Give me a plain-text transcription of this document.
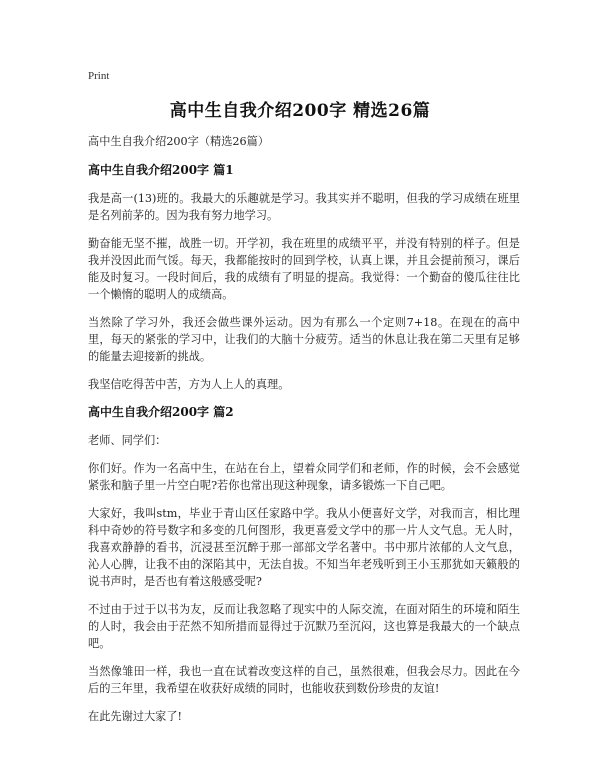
Print
高中生自我介绍200字 精选26篇

高中生自我介绍200字（精选26篇）

高中生自我介绍200字 篇1

我是高一(13)班的。我最大的乐趣就是学习。我其实并不聪明，但我的学习成绩在班里是名列前茅的。因为我有努力地学习。

勤奋能无坚不摧，战胜一切。开学初，我在班里的成绩平平，并没有特别的样子。但是我并没因此而气馁。每天，我都能按时的回到学校，认真上课，并且会提前预习，课后能及时复习。一段时间后，我的成绩有了明显的提高。我觉得：一个勤奋的傻瓜往往比一个懒惰的聪明人的成绩高。

当然除了学习外，我还会做些课外运动。因为有那么一个定则7+18。在现在的高中里，每天的紧张的学习中，让我们的大脑十分疲劳。适当的休息让我在第二天里有足够的能量去迎接新的挑战。

我坚信吃得苦中苦，方为人上人的真理。

高中生自我介绍200字 篇2

老师、同学们：

你们好。作为一名高中生，在站在台上，望着众同学们和老师，作的时候，会不会感觉紧张和脑子里一片空白呢?若你也常出现这种现象，请多锻炼一下自己吧。

大家好，我叫stm，毕业于青山区任家路中学。我从小便喜好文学，对我而言，相比理科中奇妙的符号数字和多变的几何图形，我更喜爱文学中的那一片人文气息。无人时，我喜欢静静的看书，沉浸甚至沉醉于那一部部文学名著中。书中那片浓郁的人文气息，沁人心脾，让我不由的深陷其中，无法自拔。不知当年老残听到王小玉那犹如天籁般的说书声时，是否也有着这般感受呢?

不过由于过于以书为友，反而让我忽略了现实中的人际交流，在面对陌生的环境和陌生的人时，我会由于茫然不知所措而显得过于沉默乃至沉闷，这也算是我最大的一个缺点吧。

当然像雏田一样，我也一直在试着改变这样的自己，虽然很难，但我会尽力。因此在今后的三年里，我希望在收获好成绩的同时，也能收获到数份珍贵的友谊!

在此先谢过大家了!
